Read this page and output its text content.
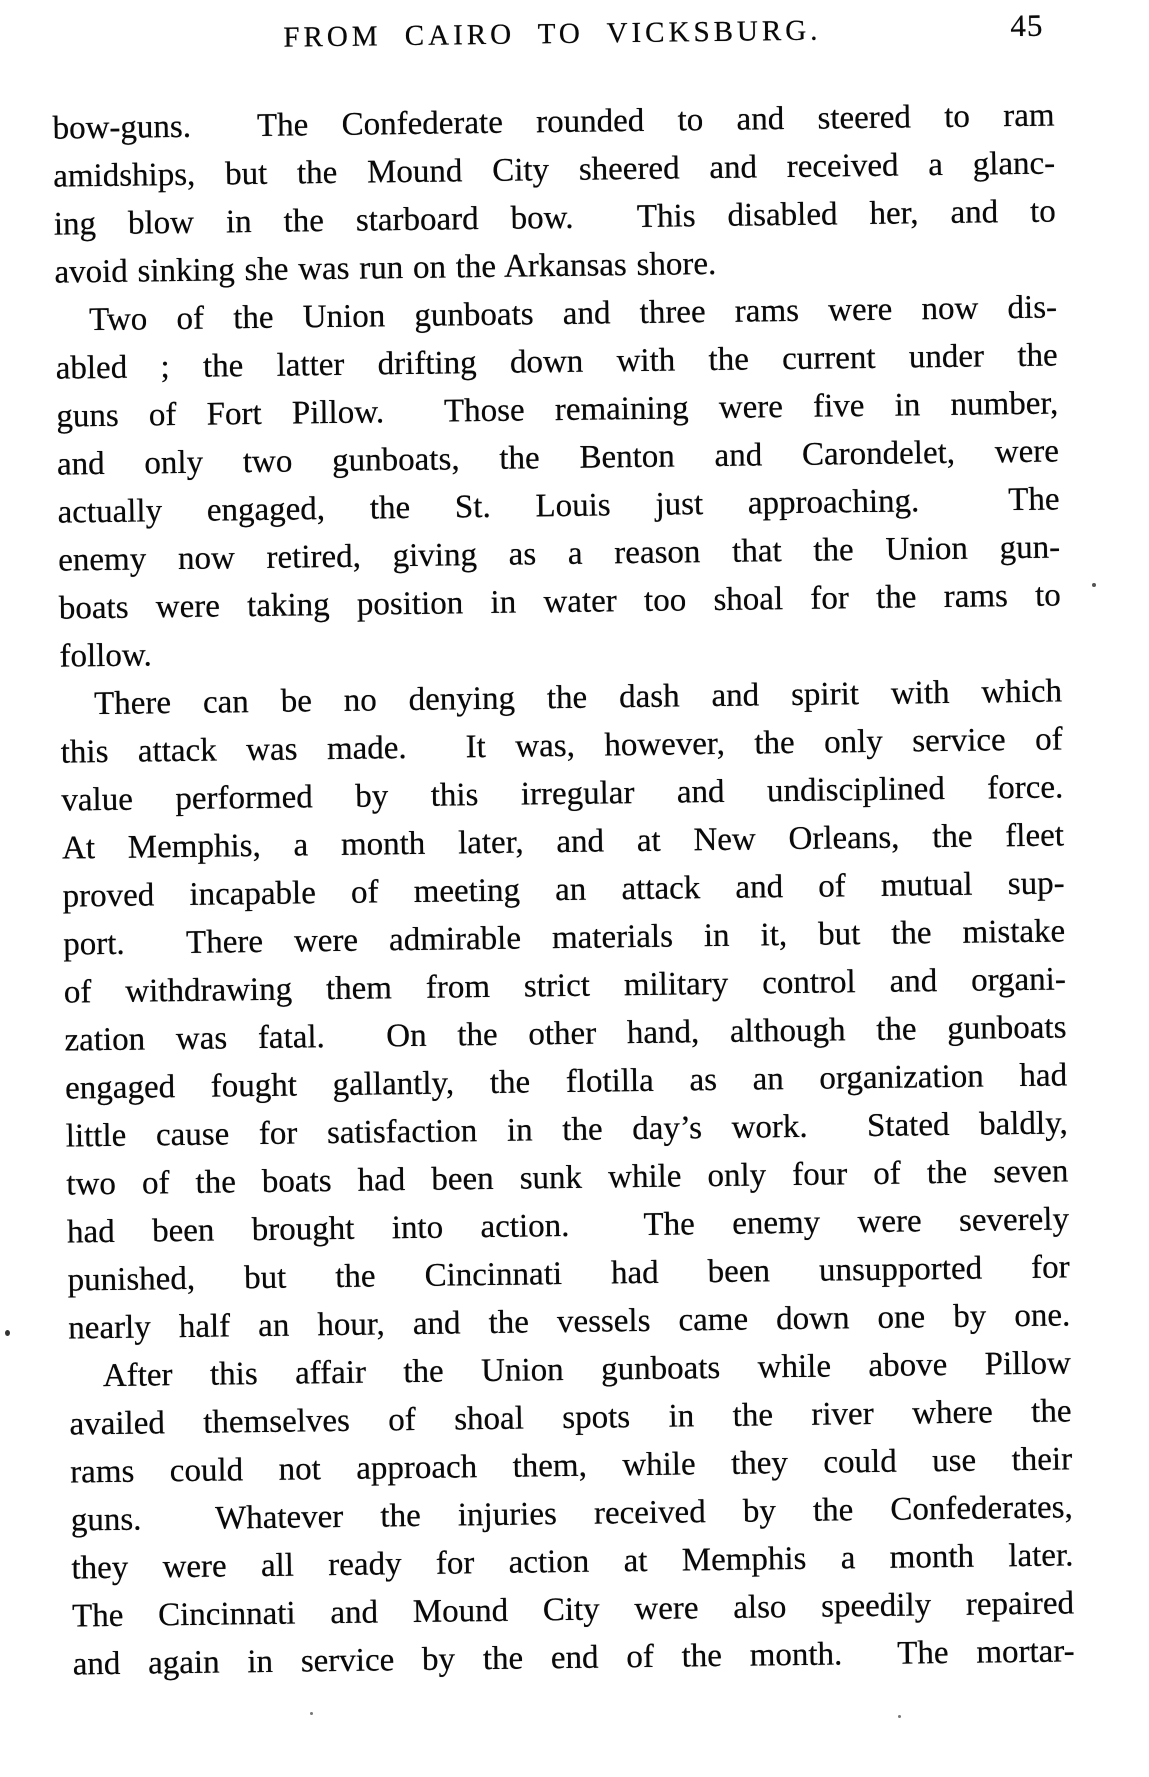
FROM CAIRO TO VICKSBURG.	45
bow-guns.  The Confederate rounded to and steered to ram
amidships, but the Mound City sheered and received a glanc-
ing blow in the starboard bow.  This disabled her, and to
avoid sinking she was run on the Arkansas shore.
Two of the Union gunboats and three rams were now dis-
abled ; the latter drifting down with the current under the
guns of Fort Pillow.  Those remaining were five in number,
and only two gunboats, the Benton and Carondelet, were
actually engaged, the St. Louis just approaching.  The
enemy now retired, giving as a reason that the Union gun-
boats were taking position in water too shoal for the rams to
follow.
There can be no denying the dash and spirit with which
this attack was made.  It was, however, the only service of
value performed by this irregular and undisciplined force.
At Memphis, a month later, and at New Orleans, the fleet
proved incapable of meeting an attack and of mutual sup-
port.  There were admirable materials in it, but the mistake
of withdrawing them from strict military control and organi-
zation was fatal.  On the other hand, although the gunboats
engaged fought gallantly, the flotilla as an organization had
little cause for satisfaction in the day’s work.  Stated baldly,
two of the boats had been sunk while only four of the seven
had been brought into action.  The enemy were severely
punished, but the Cincinnati had been unsupported for
nearly half an hour, and the vessels came down one by one.
After this affair the Union gunboats while above Pillow
availed themselves of shoal spots in the river where the
rams could not approach them, while they could use their
guns.  Whatever the injuries received by the Confederates,
they were all ready for action at Memphis a month later.
The Cincinnati and Mound City were also speedily repaired
and again in service by the end of the month.  The mortar-
